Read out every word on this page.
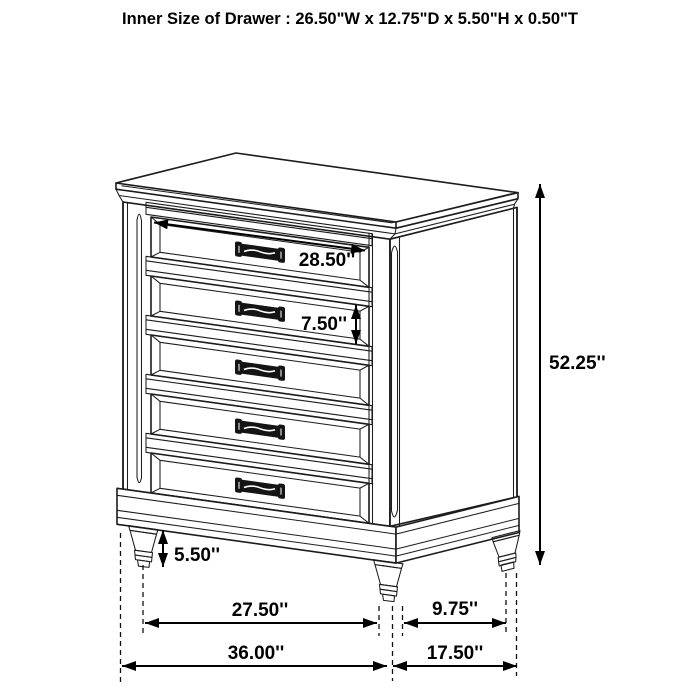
28.50''
7.50''
52.25''
5.50''
27.50''	9.75''
36.00''	17.50''
Inner Size of Drawer : 26.50"W x 12.75"D x 5.50"H x 0.50"T
